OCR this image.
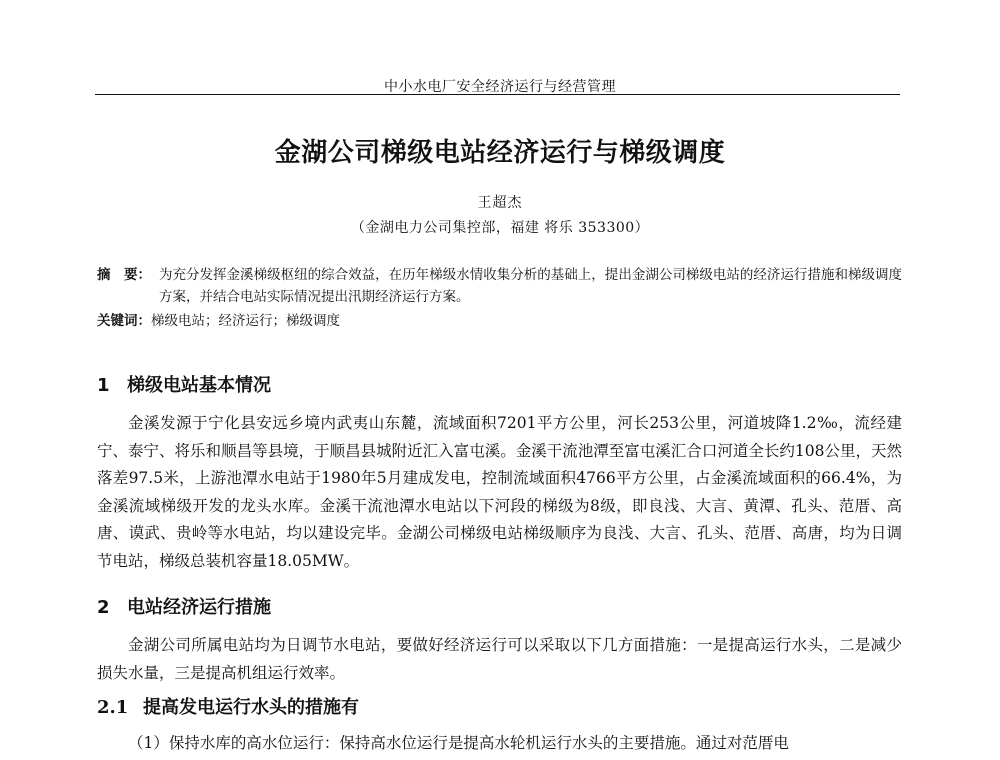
中小水电厂安全经济运行与经营管理
金湖公司梯级电站经济运行与梯级调度
王超杰
（金湖电力公司集控部，福建 将乐 353300）
摘　要： 为充分发挥金溪梯级枢纽的综合效益，在历年梯级水情收集分析的基础上，提出金湖公司梯级电站的经济运行措施和梯级调度方案，并结合电站实际情况提出汛期经济运行方案。
关键词：梯级电站；经济运行；梯级调度
1 梯级电站基本情况
金溪发源于宁化县安远乡境内武夷山东麓，流域面积7201平方公里，河长253公里，河道坡降1.2‰，流经建宁、泰宁、将乐和顺昌等县境，于顺昌县城附近汇入富屯溪。金溪干流池潭至富屯溪汇合口河道全长约108公里，天然落差97.5米，上游池潭水电站于1980年5月建成发电，控制流域面积4766平方公里，占金溪流域面积的66.4%，为金溪流域梯级开发的龙头水库。金溪干流池潭水电站以下河段的梯级为8级，即良浅、大言、黄潭、孔头、范厝、高唐、谟武、贵岭等水电站，均以建设完毕。金湖公司梯级电站梯级顺序为良浅、大言、孔头、范厝、高唐，均为日调节电站，梯级总装机容量18.05MW。
2 电站经济运行措施
金湖公司所属电站均为日调节水电站，要做好经济运行可以采取以下几方面措施：一是提高运行水头，二是减少损失水量，三是提高机组运行效率。
2.1 提高发电运行水头的措施有
（1）保持水库的高水位运行：保持高水位运行是提高水轮机运行水头的主要措施。通过对范厝电
